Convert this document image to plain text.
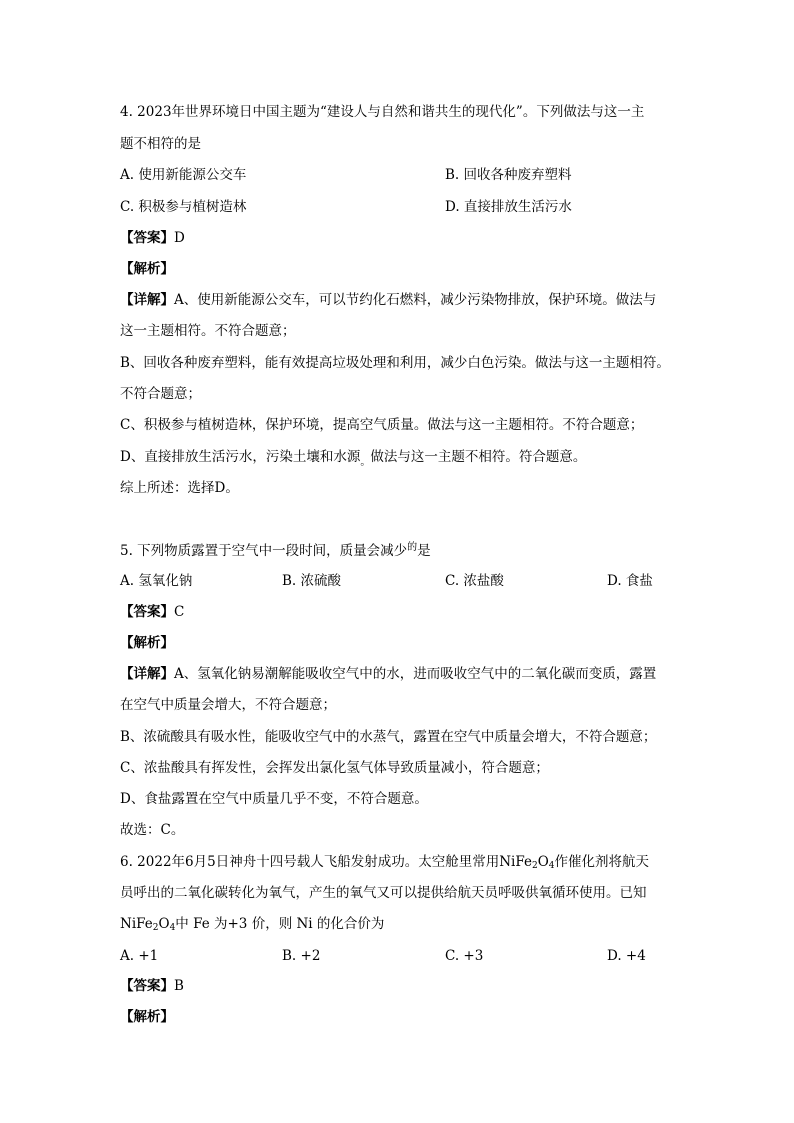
4. 2023年世界环境日中国主题为“建设人与自然和谐共生的现代化”。下列做法与这一主
题不相符的是
A. 使用新能源公交车	B. 回收各种废弃塑料
C. 积极参与植树造林	D. 直接排放生活污水
【答案】D
【解析】
【详解】A、使用新能源公交车，可以节约化石燃料，减少污染物排放，保护环境。做法与
这一主题相符。不符合题意；
B、回收各种废弃塑料，能有效提高垃圾处理和利用，减少白色污染。做法与这一主题相符。
不符合题意；
C、积极参与植树造林，保护环境，提高空气质量。做法与这一主题相符。不符合题意；
D、直接排放生活污水，污染土壤和水源$_。$做法与这一主题不相符。符合题意。
综上所述：选择D。
5. 下列物质露置于空气中一段时间，质量会减少$^的$是
A. 氢氧化钠	B. 浓硫酸	C. 浓盐酸	D. 食盐
【答案】C
【解析】
【详解】A、氢氧化钠易潮解能吸收空气中的水，进而吸收空气中的二氧化碳而变质，露置
在空气中质量会增大，不符合题意；
B、浓硫酸具有吸水性，能吸收空气中的水蒸气，露置在空气中质量会增大，不符合题意；
C、浓盐酸具有挥发性，会挥发出氯化氢气体导致质量减小，符合题意；
D、食盐露置在空气中质量几乎不变，不符合题意。
故选：C。
6. 2022年6月5日神舟十四号载人飞船发射成功。太空舱里常用$NiFe_2O_4$作催化剂将航天
员呼出的二氧化碳转化为氧气，产生的氧气又可以提供给航天员呼吸供氧循环使用。已知
$NiFe_2O_4$中 Fe 为+3 价，则 Ni 的化合价为
A. +1	B. +2	C. +3	D. +4
【答案】B
【解析】
